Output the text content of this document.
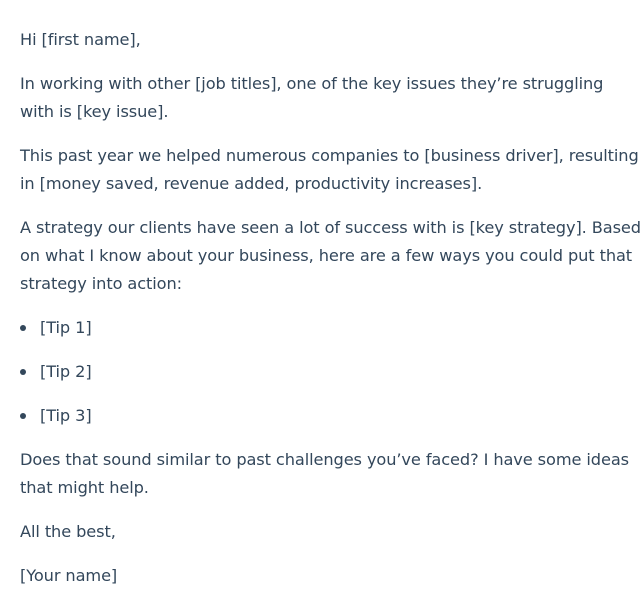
Hi [first name],

In working with other [job titles], one of the key issues they’re struggling with is [key issue].

This past year we helped numerous companies to [business driver], resulting in [money saved, revenue added, productivity increases].

A strategy our clients have seen a lot of success with is [key strategy]. Based on what I know about your business, here are a few ways you could put that strategy into action:

[Tip 1]
[Tip 2]
[Tip 3]

Does that sound similar to past challenges you’ve faced? I have some ideas that might help.

All the best,

[Your name]
